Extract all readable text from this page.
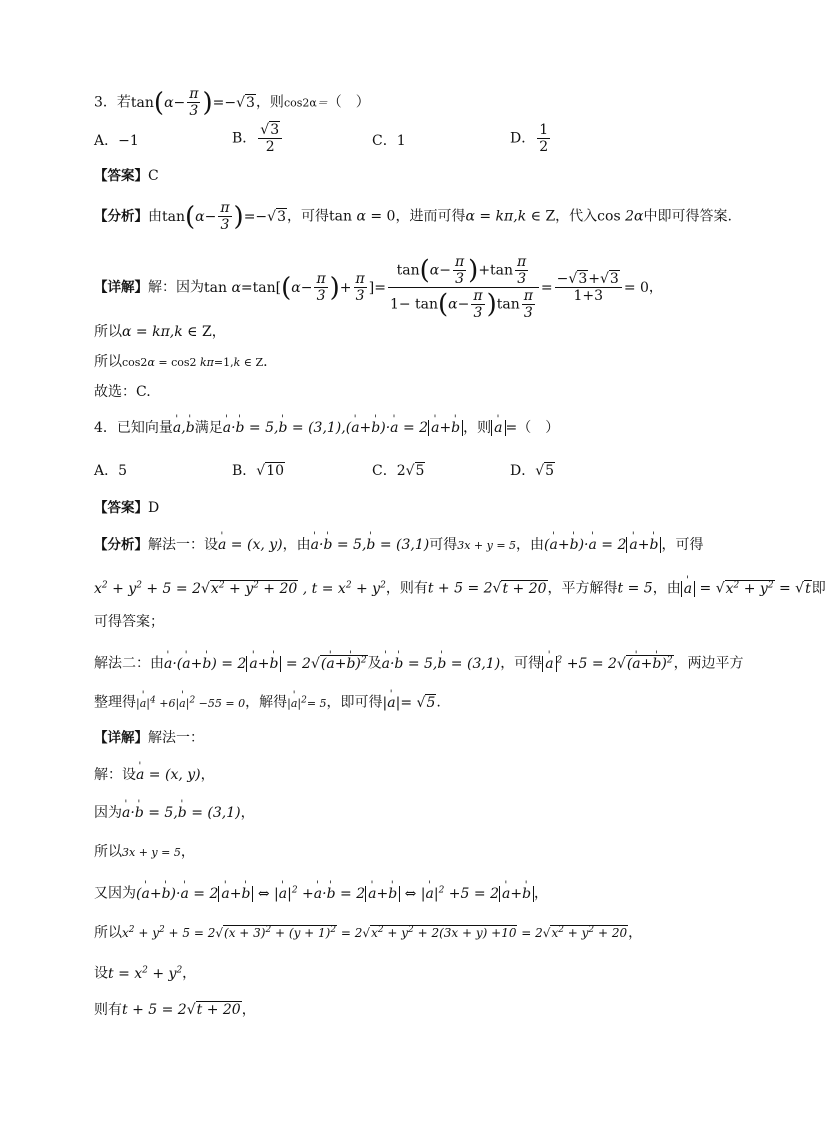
3．若$\tan(\alpha- \frac{\pi}{3} )=-√3$，则cos2α＝（　）
A．−1	B． $\frac{√3}{2}$	C．1	D． $\frac{1}{2}$
【答案】C
【分析】由$\tan(\alpha- \frac{\pi}{3} )=-√3$，可得tan α = 0，进而可得α = kπ,k ∈ Z，代入cos 2α中即可得答案.
【详解】解：因为$\tan \alpha=\tan[(\alpha- \frac{\pi}{3}$ )+ $\frac{\pi}{3}$ ]= $\frac{\tan(\alpha- \frac{\pi}{3} )+\tan \frac{\pi}{3}}{1- \tan(\alpha- \frac{\pi}{3} )\tan \frac{\pi}{3}} = \frac{-√3+√3}{1+3} = 0$，
所以α = kπ,k ∈ Z，
所以cos2α = cos2 kπ=1,k ∈ Z.
故选：C.
4．已知向量' a,' b满足' a·' b = 5,' b = (3,1),(' a+' b)·' a = 2' a+' b ，则' a =（　）
A．5	B．√10	C．2√5	D．√5
【答案】D
【分析】解法一：设' a = (x, y)，由' a·' b = 5,' b = (3,1)可得3x + y = 5，由(' a+' b)·' a = 2' a+' b ，可得
$x^2 + y^2 + 5 = 2√x^2 + y^2 + 20$ , $t = x^2 + y^2$，则有t + 5 = 2√t + 20，平方解得t = 5，由' $a = √x^2 + y^2 = √t$即
可得答案；
解法二：由' a·(' a+' b) = 2' a+' b = 2√(' a+' b)$^2$及' a·' b = 5,' b = (3,1)，可得' a $^2$ +5 = 2√(' a+' b)$^2$，两边平方
整理得|' $a|^4 +6|'$ $a|^2 -55 = 0$，解得|' $a|^2= 5$，即可得|' a|= √5.
【详解】解法一：
解：设' a = (x, y)，
因为' a·' b = 5,' b = (3,1)，
所以3x + y = 5，
又因为(' a+' b)·' a = 2' a+' b ⇔ |' $a|^2$ +' a·' b = 2' a+' b ⇔ |' $a|^2 +5 = 2'$ a+' b ，
所以$x^2 + y^2 + 5 = 2√(x + 3)^2 + (y + 1)^2 = 2√x^2 + y^2 + 2(3x + y) +10 = 2√x^2 + y^2 + 20$，
设$t = x^2 + y^2$，
则有t + 5 = 2√t + 20，
